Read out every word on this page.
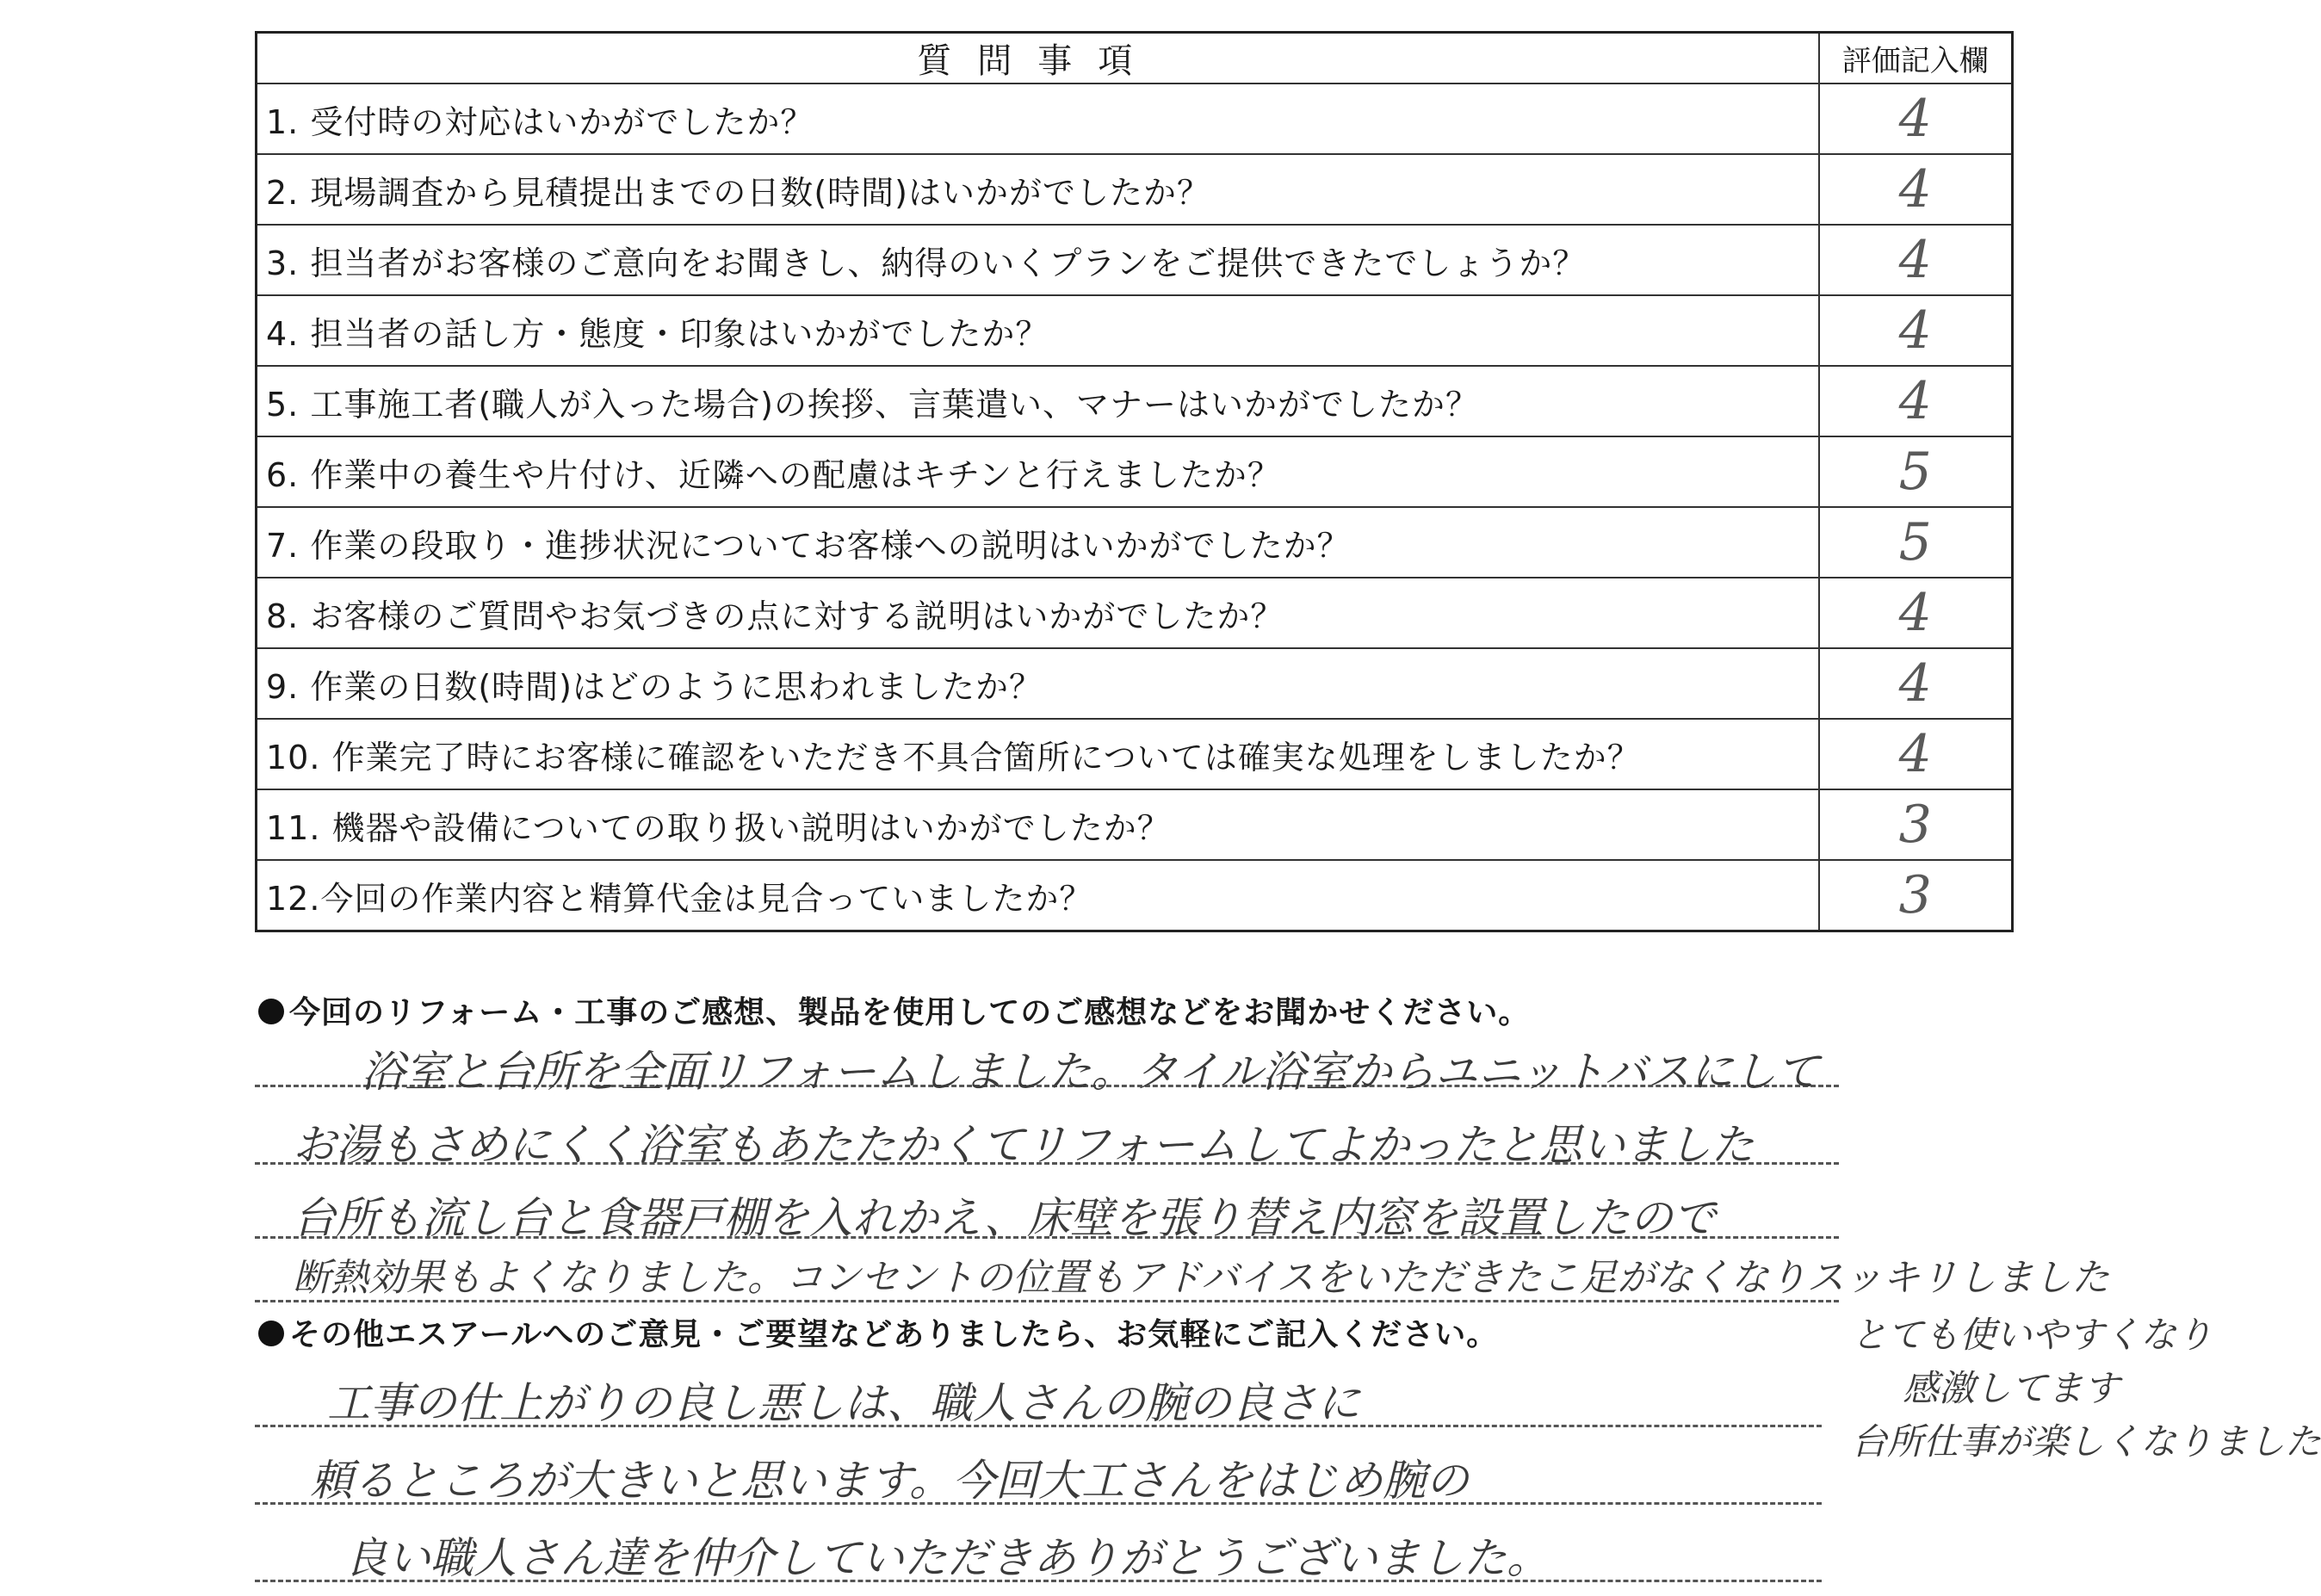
質問事項	評価記入欄
1. 受付時の対応はいかがでしたか？	4
2. 現場調査から見積提出までの日数(時間)はいかがでしたか？	4
3. 担当者がお客様のご意向をお聞きし、納得のいくプランをご提供できたでしょうか？	4
4. 担当者の話し方・態度・印象はいかがでしたか？	4
5. 工事施工者(職人が入った場合)の挨拶、言葉遣い、マナーはいかがでしたか？	4
6. 作業中の養生や片付け、近隣への配慮はキチンと行えましたか？	5
7. 作業の段取り・進捗状況についてお客様への説明はいかがでしたか？	5
8. お客様のご質問やお気づきの点に対する説明はいかがでしたか？	4
9. 作業の日数(時間)はどのように思われましたか？	4
10. 作業完了時にお客様に確認をいただき不具合箇所については確実な処理をしましたか？	4
11. 機器や設備についての取り扱い説明はいかがでしたか？	3
12.今回の作業内容と精算代金は見合っていましたか？	3
今回のリフォーム・工事のご感想、製品を使用してのご感想などをお聞かせください。

浴室と台所を全面リフォームしました。タイル浴室からユニットバスにして

お湯もさめにくく浴室もあたたかくてリフォームしてよかったと思いました

台所も流し台と食器戸棚を入れかえ、床壁を張り替え内窓を設置したので

断熱効果もよくなりました。コンセントの位置もアドバイスをいただきたこ足がなくなりスッキリしました

その他エスアールへのご意見・ご要望などありましたら、お気軽にご記入ください。

工事の仕上がりの良し悪しは、職人さんの腕の良さに

頼るところが大きいと思います。今回大工さんをはじめ腕の

良い職人さん達を仲介していただきありがとうございました。

とても使いやすくなり
感激してます
台所仕事が楽しくなりました
